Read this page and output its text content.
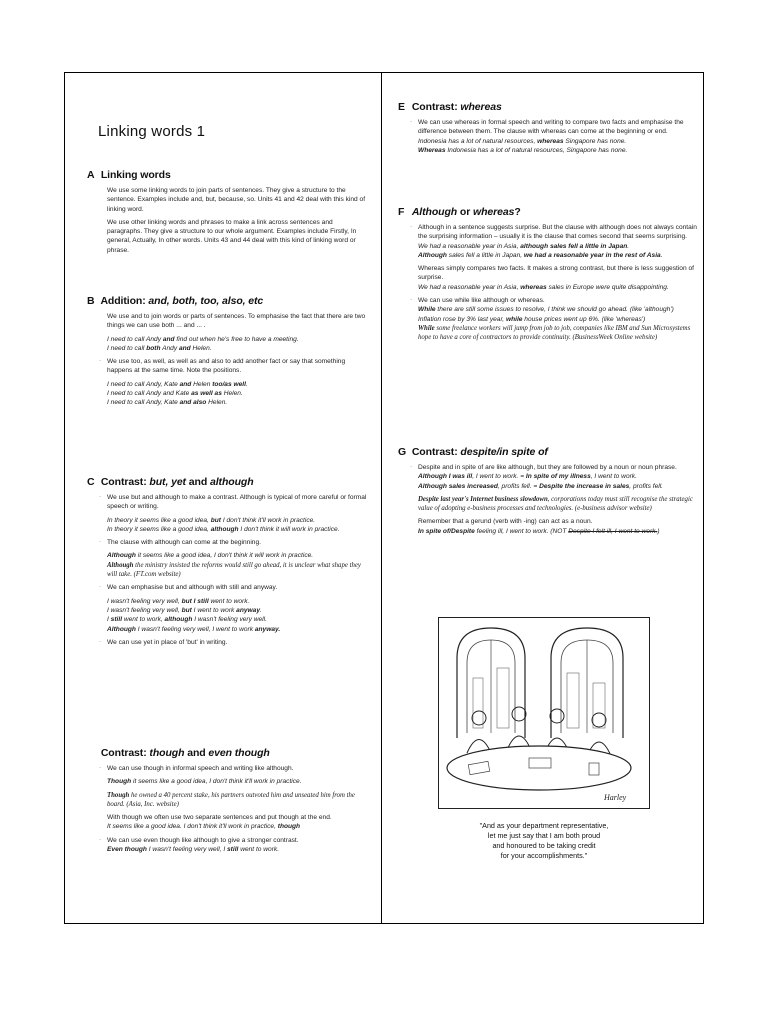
Linking words 1
A Linking words

We use some linking words to join parts of sentences. They give a structure to the sentence. Examples include and, but, because, so. Units 41 and 42 deal with this kind of linking word.

We use other linking words and phrases to make a link across sentences and paragraphs. They give a structure to our whole argument. Examples include Firstly, In general, Actually, In other words. Units 43 and 44 deal with this kind of linking word or phrase.

B Addition: and, both, too, also, etc

We use and to join words or parts of sentences. To emphasise the fact that there are two things we can use both ... and ... .

I need to call Andy and find out when he's free to have a meeting.

I need to call both Andy and Helen.

· We use too, as well, as well as and also to add another fact or say that something happens at the same time. Note the positions.

I need to call Andy, Kate and Helen too/as well.
I need to call Andy and Kate as well as Helen.
I need to call Andy, Kate and also Helen.
C Contrast: but, yet and although

· We use but and although to make a contrast. Although is typical of more careful or formal speech or writing.

In theory it seems like a good idea, but I don't think it'll work in practice.

In theory it seems like a good idea, although I don't think it will work in practice.

· The clause with although can come at the beginning.

Although it seems like a good idea, I don't think it will work in practice.

Although the ministry insisted the reforms would still go ahead, it is unclear what shape they will take. (FT.com website)

· We can emphasise but and although with still and anyway.

I wasn't feeling very well, but I still went to work.
I wasn't feeling very well, but I went to work anyway.
I still went to work, although I wasn't feeling very well.

Although I wasn't feeling very well, I went to work anyway.

· We can use yet in place of 'but' in writing.

Contrast: though and even though

· We can use though in informal speech and writing like although.

Though it seems like a good idea, I don't think it'll work in practice.

Though he owned a 40 percent stake, his partners outvoted him and unseated him from the board. (Asia, Inc. website)

With though we often use two separate sentences and put though at the end.

It seems like a good idea. I don't think it'll work in practice, though

· We can use even though like although to give a stronger contrast.

Even though I wasn't feeling very well, I still went to work.

E Contrast: whereas
· We can use whereas in formal speech and writing to compare two facts and emphasise the difference between them. The clause with whereas can come at the beginning or end.
Indonesia has a lot of natural resources, whereas Singapore has none.

Whereas Indonesia has a lot of natural resources, Singapore has none.

F Although or whereas?
· Although in a sentence suggests surprise. But the clause with although does not always contain the surprising information – usually it is the clause that comes second that seems surprising.
We had a reasonable year in Asia, although sales fell a little in Japan.

Although sales fell a little in Japan, we had a reasonable year in the rest of Asia.

Whereas simply compares two facts. It makes a strong contrast, but there is less suggestion of surprise.

We had a reasonable year in Asia, whereas sales in Europe were quite disappointing.

· We can use while like although or whereas.
While there are still some issues to resolve, I think we should go ahead. (like 'although')
Inflation rose by 3% last year, while house prices went up 6%. (like 'whereas')

While some freelance workers will jump from job to job, companies like IBM and Sun Microsystems hope to have a core of contractors to provide continuity. (BusinessWeek Online website)

G Contrast: despite/in spite of
· Despite and in spite of are like although, but they are followed by a noun or noun phrase.
Although I was ill, I went to work. = In spite of my illness, I went to work.

Although sales increased, profits fell. = Despite the increase in sales, profits fell.

Despite last year's Internet business slowdown, corporations today must still recognise the strategic value of adopting e-business processes and technologies. (e-business advisor website)

Remember that a gerund (verb with -ing) can act as a noun.

In spite of/Despite feeling ill, I went to work. (NOT Despite I felt ill, I went to work.)

Harley
"And as your department representative,
let me just say that I am both proud
and honoured to be taking credit
for your accomplishments."
